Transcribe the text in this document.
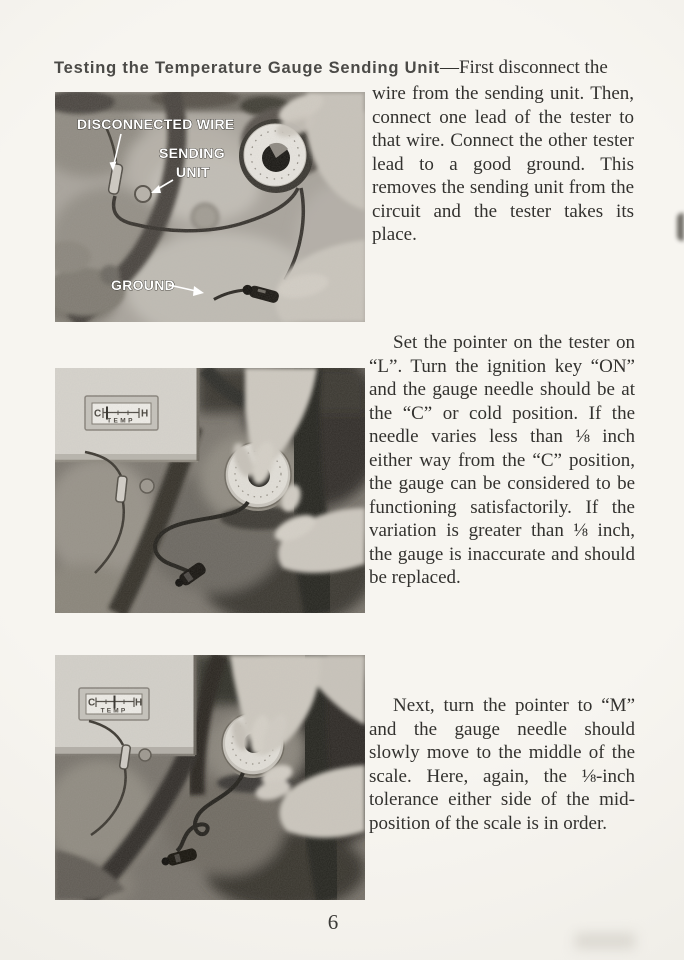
Testing the Temperature Gauge Sending Unit—First disconnect the
DISCONNECTED WIRE
SENDING
UNIT
GROUND
wire from the sending unit. Then, connect one lead of the tester to that wire. Connect the other tester lead to a good ground. This removes the sending unit from the circuit and the tester takes its place.
Set the pointer on the tester on “L”. Turn the ignition key “ON” and the gauge needle should be at the “C” or cold position. If the needle varies less than ⅛ inch either way from the “C” position, the gauge can be considered to be functioning satisfactorily. If the variation is greater than ⅛ inch, the gauge is inaccurate and should be replaced.
Next, turn the pointer to “M” and the gauge needle should slowly move to the middle of the scale. Here, again, the ⅛-inch tolerance either side of the mid-position of the scale is in order.
6
